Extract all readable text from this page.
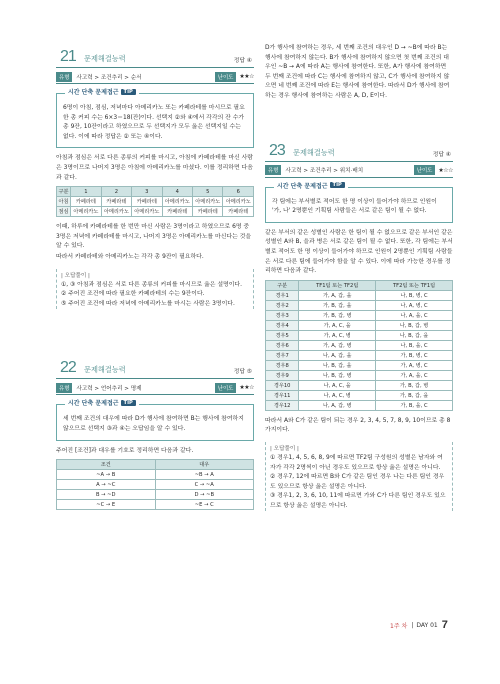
21 문제해결능력	정답 ④
유형	사고력 > 조건추리 > 순서	난이도	★★☆
시간 단축 문제접근 TIP
6명이 아침, 점심, 저녁마다 아메리카노 또는 카페라테를 마시므로 필요한 총 커피 수는 6×3＝18(잔)이다. 선택지 ②와 ④에서 각각의 잔 수가 총 9잔, 10잔이라고 하였으므로 두 선택지가 모두 옳은 선택지일 수는 없다. 이에 따라 정답은 ② 또는 ④이다.

아침과 점심은 서로 다른 종류의 커피를 마시고, 아침에 카페라테를 마신 사람은 3명이므로 나머지 3명은 아침에 아메리카노를 마셨다. 이를 정리하면 다음과 같다.

구분	1	2	3	4	5	6
아침	카페라테	카페라테	카페라테	아메리카노	아메리카노	아메리카노
점심	아메리카노	아메리카노	아메리카노	카페라테	카페라테	카페라테

이때, 하루에 카페라테를 한 번만 마신 사람은 3명이라고 하였으므로 6명 중 3명은 저녁에 카페라테를 마시고, 나머지 3명은 아메리카노를 마신다는 것을 알 수 있다.

따라서 카페라테와 아메리카노는 각각 총 9잔이 필요하다.

| 오답풀이 |
①, ③ 아침과 점심은 서로 다른 종류의 커피를 마시므로 옳은 설명이다.
② 주어진 조건에 따라 필요한 카페라테의 수는 9잔이다.
⑤ 주어진 조건에 따라 저녁에 아메리카노를 마시는 사람은 3명이다.
22 문제해결능력	정답 ⑤
유형	사고력 > 언어추리 > 명제	난이도	★★☆
시간 단축 문제접근 TIP
세 번째 조건의 대우에 따라 D가 행사에 참여하면 B는 행사에 참여하지 않으므로 선택지 ③과 ④는 오답임을 알 수 있다.

주어진 [조건]과 대우를 기호로 정리하면 다음과 같다.

조건	대우
~A → B	~B → A
A → ~C	C → ~A
B → ~D	D → ~B
~C → E	~E → C

D가 행사에 참여하는 경우, 세 번째 조건의 대우인 D → ~B에 따라 B는 행사에 참여하지 않는다. B가 행사에 참여하지 않으면 첫 번째 조건의 대우인 ~B → A에 따라 A는 행사에 참여한다. 또한, A가 행사에 참여하면 두 번째 조건에 따라 C는 행사에 참여하지 않고, C가 행사에 참여하지 않으면 네 번째 조건에 따라 E는 행사에 참여한다. 따라서 D가 행사에 참여하는 경우 행사에 참여하는 사람은 A, D, E이다.

23 문제해결능력	정답 ④
유형	사고력 > 조건추리 > 위치·배치	난이도	★☆☆
시간 단축 문제접근 TIP
각 팀에는 부서별로 적어도 한 명 이상이 들어가야 하므로 인원이 '가, 나' 2명뿐인 기획팀 사람들은 서로 같은 팀이 될 수 없다.

같은 부서의 같은 성별인 사람은 한 팀이 될 수 없으므로 같은 부서인 같은 성별인 A와 B, 을과 병은 서로 같은 팀이 될 수 없다. 또한, 각 팀에는 부서별로 적어도 한 명 이상이 들어가야 하므로 인원이 2명뿐인 기획팀 사람들은 서로 다른 팀에 들어가야 함을 알 수 있다. 이에 따라 가능한 경우를 정리하면 다음과 같다.

구분	TF1팀 또는 TF2팀	TF2팀 또는 TF1팀
경우1	가, A, 갑, 을	나, B, 병, C
경우2	가, B, 갑, 을	나, A, 병, C
경우3	가, B, 갑, 병	나, A, 을, C
경우4	가, A, C, 을	나, B, 갑, 병
경우5	가, A, C, 병	나, B, 갑, 을
경우6	가, A, 갑, 병	나, B, 을, C
경우7	나, A, 갑, 을	가, B, 병, C
경우8	나, B, 갑, 을	가, A, 병, C
경우9	나, B, 갑, 병	가, A, 을, C
경우10	나, A, C, 을	가, B, 갑, 병
경우11	나, A, C, 병	가, B, 갑, 을
경우12	나, A, 갑, 병	가, B, 을, C

따라서 A와 C가 같은 팀이 되는 경우 2, 3, 4, 5, 7, 8, 9, 10이므로 총 8가지이다.

| 오답풀이 |
① 경우1, 4, 5, 6, 8, 9에 따르면 TF2팀 구성원의 성별은 남자와 여자가 각각 2명씩이 아닌 경우도 있으므로 항상 옳은 설명은 아니다.
② 경우7, 12에 따르면 B와 C가 같은 팀인 경우 나는 다른 팀인 경우도 있으므로 항상 옳은 설명은 아니다.
③ 경우1, 2, 3, 6, 10, 11에 따르면 가와 C가 다른 팀인 경우도 있으므로 항상 옳은 설명은 아니다.
1주 차 | DAY 01 7
